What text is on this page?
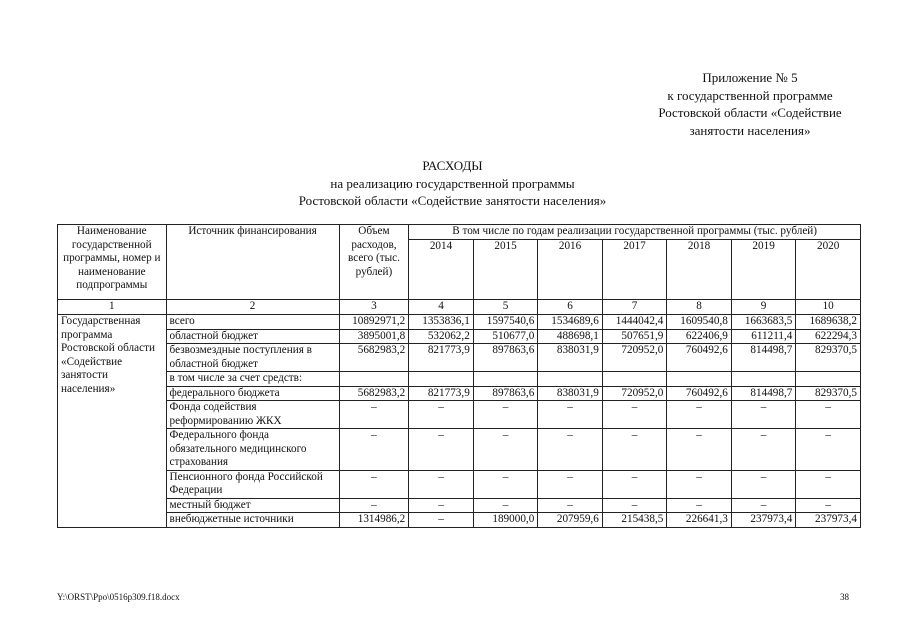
Приложение № 5
к государственной программе
Ростовской области «Содействие
занятости населения»
РАСХОДЫ
на реализацию государственной программы
Ростовской области «Содействие занятости населения»
Наименование государственной программы, номер и наименование подпрограммы	Источник финансирования	Объем расходов, всего (тыс. рублей)	В том числе по годам реализации государственной программы (тыс. рублей)						
			2014	2015	2016	2017	2018	2019	2020
1	2	3	4	5	6	7	8	9	10
Государственная программа Ростовской области «Содействие занятости населения»	всего	10892971,2	1353836,1	1597540,6	1534689,6	1444042,4	1609540,8	1663683,5	1689638,2
	областной бюджет	3895001,8	532062,2	510677,0	488698,1	507651,9	622406,9	611211,4	622294,3
	безвозмездные поступления в областной бюджет	5682983,2	821773,9	897863,6	838031,9	720952,0	760492,6	814498,7	829370,5
	в том числе за счет средств:								
	федерального бюджета	5682983,2	821773,9	897863,6	838031,9	720952,0	760492,6	814498,7	829370,5
	Фонда содействия реформированию ЖКХ	–	–	–	–	–	–	–	–
	Федерального фонда обязательного медицинского страхования	–	–	–	–	–	–	–	–
	Пенсионного фонда Российской Федерации	–	–	–	–	–	–	–	–
	местный бюджет	–	–	–	–	–	–	–	–
	внебюджетные источники	1314986,2	–	189000,0	207959,6	215438,5	226641,3	237973,4	237973,4
Y:\ORST\Ppo\0516p309.f18.docx	38
